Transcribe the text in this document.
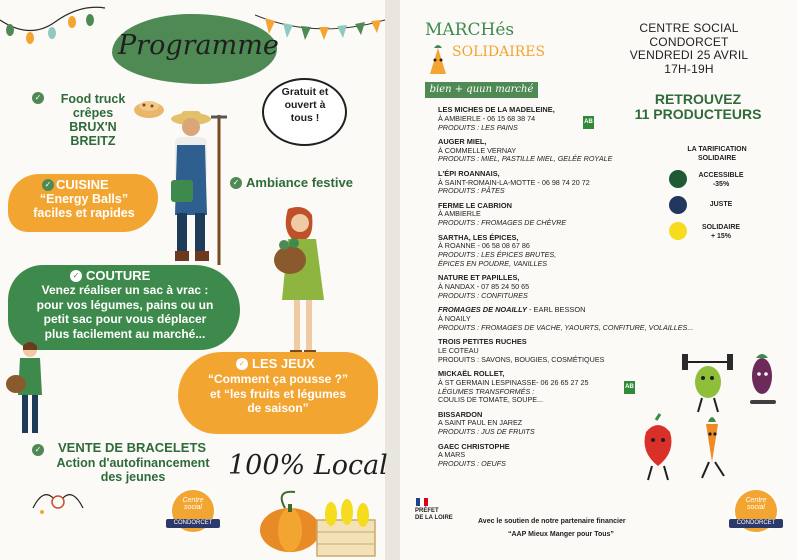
Programme
Gratuit et
ouvert à
tous !
✓	Food truck
crêpes
BRUX'N BREITZ
✓ CUISINE
“Energy Balls”
faciles et rapides
✓ Ambiance festive
✓ COUTURE
Venez réaliser un sac à vrac :
pour vos légumes, pains ou un
petit sac pour vous déplacer
plus facilement au marché...
✓ LES JEUX
“Comment ça pousse ?”
et “les fruits et légumes
de saison”
✓ VENTE DE BRACELETS
Action d'autofinancement
des jeunes	100% Local
Centre
social
CONDORCET
MARCHés
SOLIDAIRES
bien + quun marché
CENTRE SOCIAL
CONDORCET
VENDREDI 25 AVRIL
17H-19H
RETROUVEZ
11 PRODUCTEURS
LA TARIFICATION
SOLIDAIRE
ACCESSIBLE
-35%
JUSTE
SOLIDAIRE
+ 15%
LES MICHES DE LA MADELEINE,
À AMBIERLE - 06 15 68 38 74
PRODUITS : LES PAINS
AUGER MIEL,
À COMMELLE VERNAY
PRODUITS : MIEL, PASTILLE MIEL, GELÉE ROYALE
L'ÉPI ROANNAIS,
À SAINT-ROMAIN-LA-MOTTE - 06 98 74 20 72
PRODUITS : PÂTES
FERME LE CABRION
À AMBIERLE
PRODUITS : FROMAGES DE CHÈVRE
SARTHA, LES ÉPICES,
À ROANNE - 06 58 08 67 86
PRODUITS : LES ÉPICES BRUTES,
ÉPICES EN POUDRE, VANILLES
NATURE ET PAPILLES,
À NANDAX - 07 85 24 50 65
PRODUITS : CONFITURES
FROMAGES DE NOAILLY - EARL BESSON
À NOAILY
PRODUITS : FROMAGES DE VACHE, YAOURTS, CONFITURE, VOLAILLES...
TROIS PETITES RUCHES
LE COTEAU
PRODUITS : SAVONS, BOUGIES, COSMÉTIQUES
MICKAËL ROLLET,
À ST GERMAIN LESPINASSE- 06 26 65 27 25
LÉGUMES TRANSFORMÉS :
COULIS DE TOMATE, SOUPE...
BISSARDON
A SAINT PAUL EN JAREZ
PRODUITS : JUS DE FRUITS
GAEC CHRISTOPHE
A MARS
PRODUITS : OEUFS
AB
AB
PRÉFET
DE LA LOIRE	Avec le soutien de notre partenaire financier
“AAP Mieux Manger pour Tous”
Centre
social
CONDORCET
